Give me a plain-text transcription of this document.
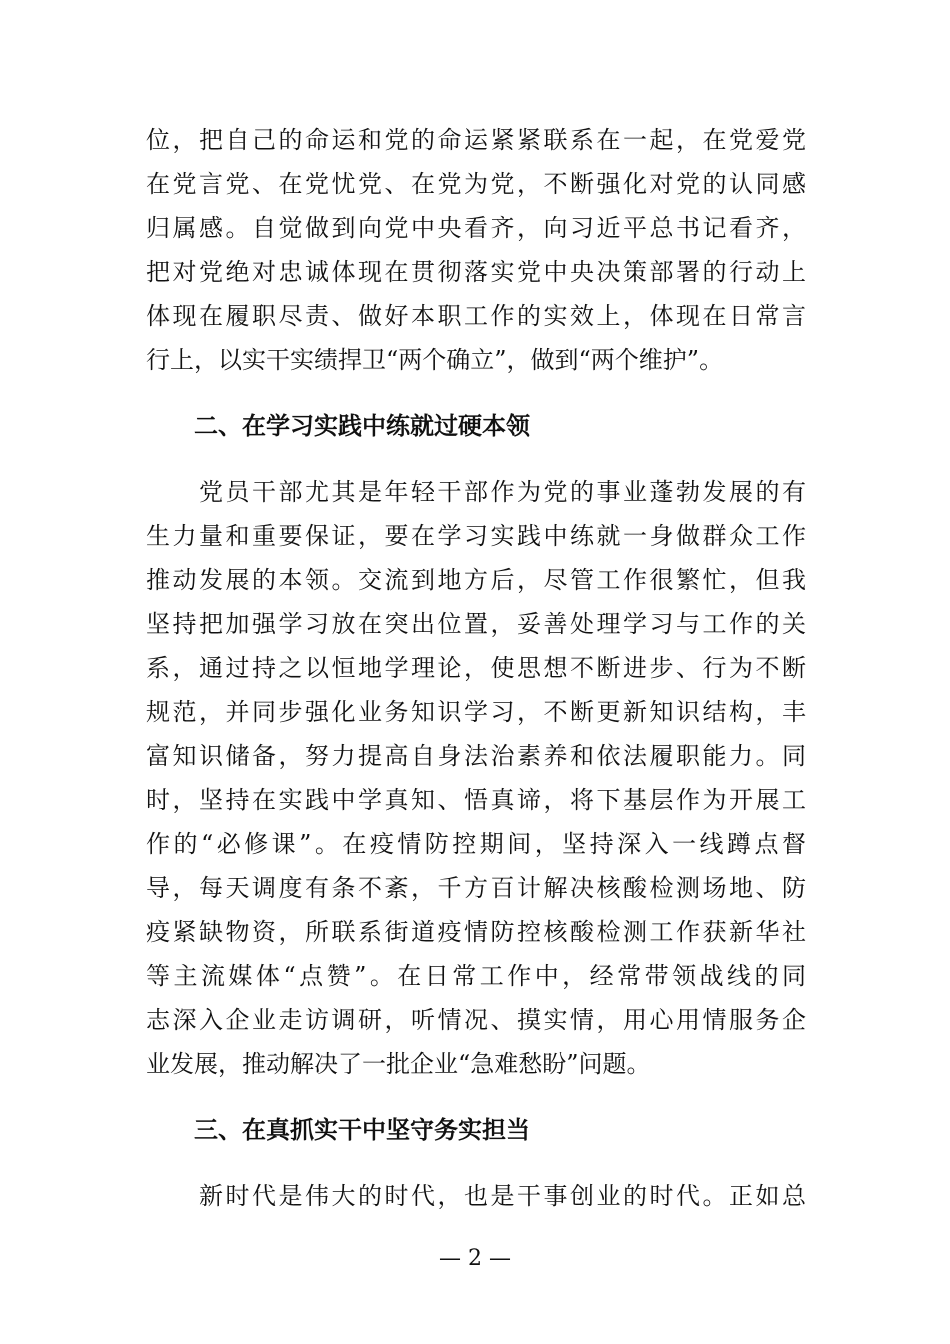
位，把自己的命运和党的命运紧紧联系在一起，在党爱党
在党言党、在党忧党、在党为党，不断强化对党的认同感
归属感。自觉做到向党中央看齐，向习近平总书记看齐，
把对党绝对忠诚体现在贯彻落实党中央决策部署的行动上
体现在履职尽责、做好本职工作的实效上，体现在日常言
行上，以实干实绩捍卫“两个确立”，做到“两个维护”。
二、在学习实践中练就过硬本领
　　党员干部尤其是年轻干部作为党的事业蓬勃发展的有
生力量和重要保证，要在学习实践中练就一身做群众工作
推动发展的本领。交流到地方后，尽管工作很繁忙，但我
坚持把加强学习放在突出位置，妥善处理学习与工作的关
系，通过持之以恒地学理论，使思想不断进步、行为不断
规范，并同步强化业务知识学习，不断更新知识结构，丰
富知识储备，努力提高自身法治素养和依法履职能力。同
时，坚持在实践中学真知、悟真谛，将下基层作为开展工
作的“必修课”。在疫情防控期间，坚持深入一线蹲点督
导，每天调度有条不紊，千方百计解决核酸检测场地、防
疫紧缺物资，所联系街道疫情防控核酸检测工作获新华社
等主流媒体“点赞”。在日常工作中，经常带领战线的同
志深入企业走访调研，听情况、摸实情，用心用情服务企
业发展，推动解决了一批企业“急难愁盼”问题。
三、在真抓实干中坚守务实担当
　　新时代是伟大的时代，也是干事创业的时代。正如总
— 2 —
